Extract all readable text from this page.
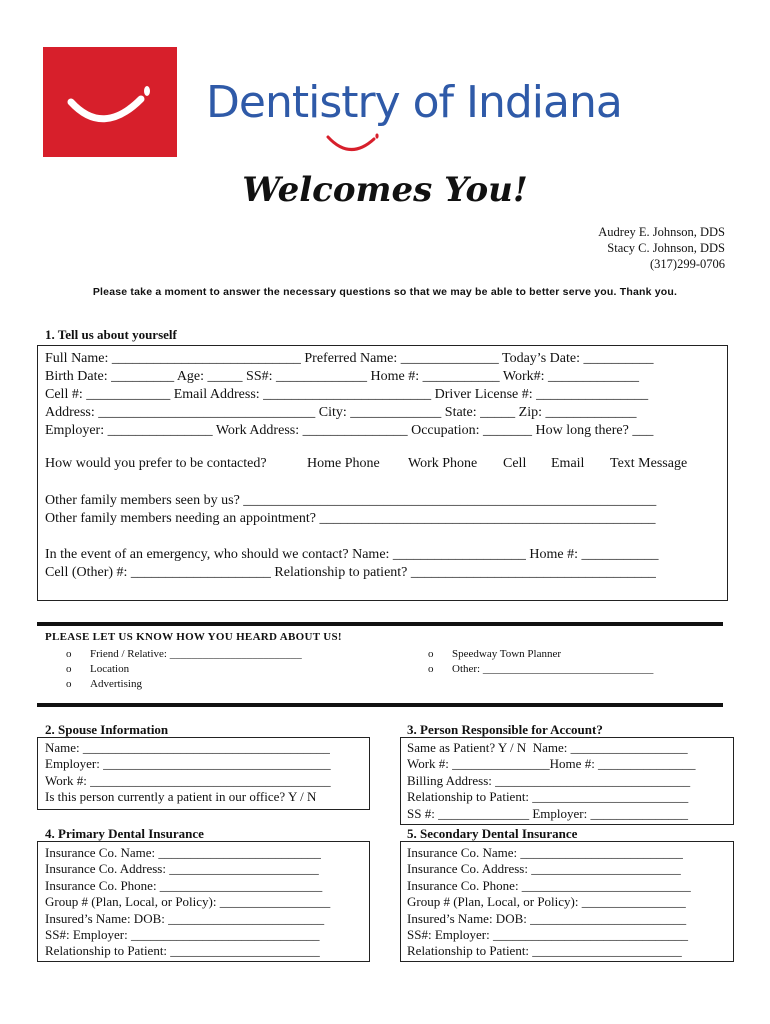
Dentistry of Indiana
Welcomes You!
Audrey E. Johnson, DDS
Stacy C. Johnson, DDS
(317)299-0706
Please take a moment to answer the necessary questions so that we may be able to better serve you. Thank you.
1. Tell us about yourself
Full Name: ___________________________ Preferred Name: ______________ Today’s Date: __________
Birth Date: _________ Age: _____ SS#: _____________ Home #: ___________ Work#: _____________
Cell #: ____________ Email Address: ________________________ Driver License #: ________________
Address: _______________________________ City: _____________ State: _____ Zip: _____________
Employer: _______________ Work Address: _______________ Occupation: _______ How long there? ___
How would you prefer to be contacted?	Home Phone Work Phone Cell Email Text Message
Other family members seen by us? ___________________________________________________________
Other family members needing an appointment? ________________________________________________
In the event of an emergency, who should we contact? Name: ___________________ Home #: ___________
Cell (Other) #: ____________________ Relationship to patient? ___________________________________
PLEASE LET US KNOW HOW YOU HEARD ABOUT US!
o Friend / Relative: ________________________
o Location
o Advertising
o Speedway Town Planner
o Other: _______________________________
2. Spouse Information
Name: ______________________________________
Employer: ___________________________________
Work #: _____________________________________
Is this person currently a patient in our office? Y / N
3. Person Responsible for Account?
Same as Patient? Y / N  Name: __________________
Work #: _______________Home #: _______________
Billing Address: ______________________________
Relationship to Patient: ________________________
SS #: ______________ Employer: _______________
4. Primary Dental Insurance
Insurance Co. Name: _________________________
Insurance Co. Address: _______________________
Insurance Co. Phone: _________________________
Group # (Plan, Local, or Policy): _________________
Insured’s Name: DOB: ________________________
SS#: Employer: _____________________________
Relationship to Patient: _______________________
5. Secondary Dental Insurance
Insurance Co. Name: _________________________
Insurance Co. Address: _______________________
Insurance Co. Phone: __________________________
Group # (Plan, Local, or Policy): ________________
Insured’s Name: DOB: ________________________
SS#: Employer: ______________________________
Relationship to Patient: _______________________
